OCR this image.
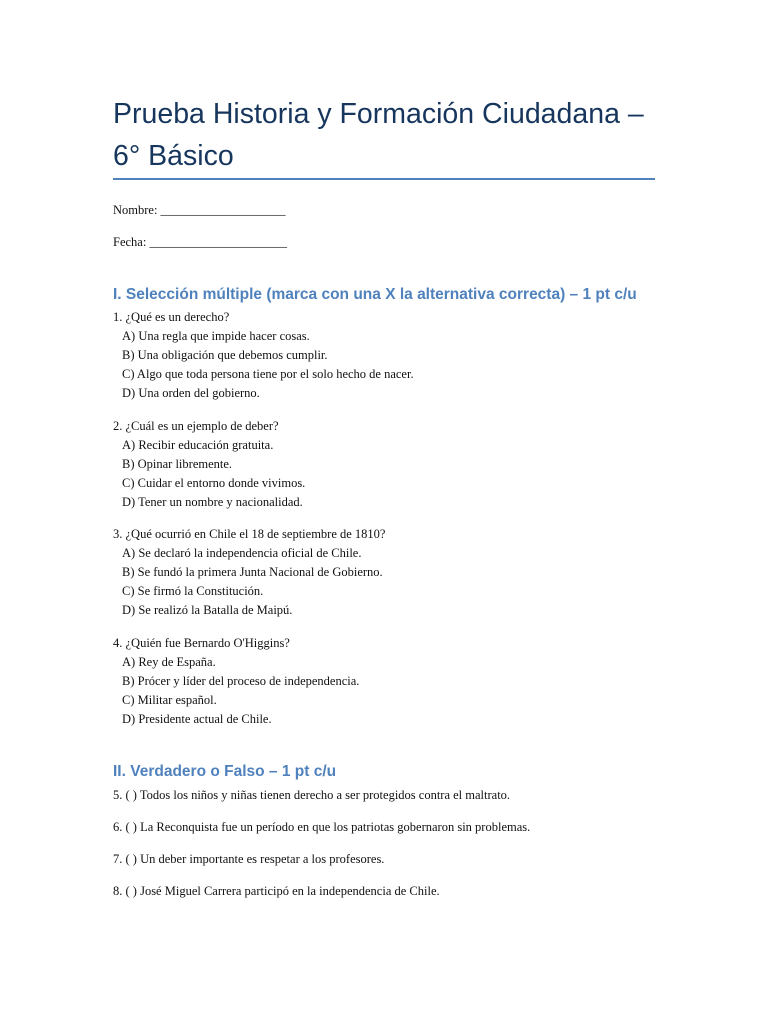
Prueba Historia y Formación Ciudadana – 6° Básico
Nombre: ____________________
Fecha: ______________________
I. Selección múltiple (marca con una X la alternativa correcta) – 1 pt c/u
1. ¿Qué es un derecho?
A) Una regla que impide hacer cosas.
B) Una obligación que debemos cumplir.
C) Algo que toda persona tiene por el solo hecho de nacer.
D) Una orden del gobierno.
2. ¿Cuál es un ejemplo de deber?
A) Recibir educación gratuita.
B) Opinar libremente.
C) Cuidar el entorno donde vivimos.
D) Tener un nombre y nacionalidad.
3. ¿Qué ocurrió en Chile el 18 de septiembre de 1810?
A) Se declaró la independencia oficial de Chile.
B) Se fundó la primera Junta Nacional de Gobierno.
C) Se firmó la Constitución.
D) Se realizó la Batalla de Maipú.
4. ¿Quién fue Bernardo O'Higgins?
A) Rey de España.
B) Prócer y líder del proceso de independencia.
C) Militar español.
D) Presidente actual de Chile.
II. Verdadero o Falso – 1 pt c/u
5. ( ) Todos los niños y niñas tienen derecho a ser protegidos contra el maltrato.
6. ( ) La Reconquista fue un período en que los patriotas gobernaron sin problemas.
7. ( ) Un deber importante es respetar a los profesores.
8. ( ) José Miguel Carrera participó en la independencia de Chile.
